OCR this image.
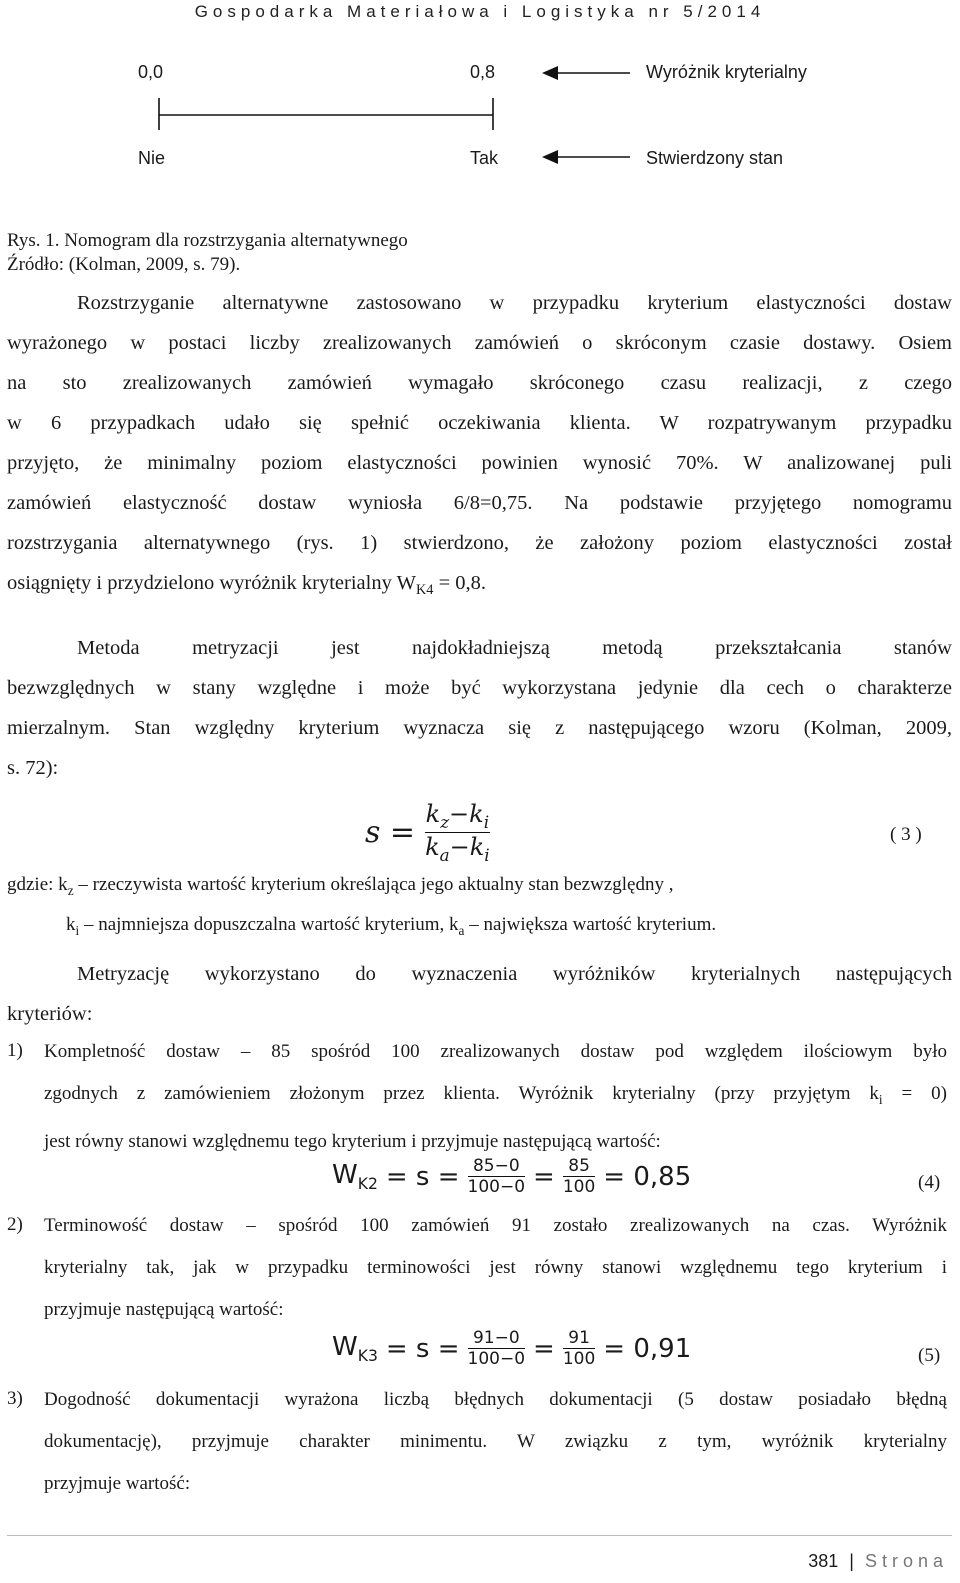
Gospodarka Materiałowa i Logistyka nr 5/2014
0,0	0,8	Wyróżnik kryterialny
Nie	Tak	Stwierdzony stan
Rys. 1. Nomogram dla rozstrzygania alternatywnego
Źródło: (Kolman, 2009, s. 79).
Rozstrzyganie alternatywne zastosowano w przypadku kryterium elastyczności dostaw
wyrażonego w postaci liczby zrealizowanych zamówień o skróconym czasie dostawy. Osiem
na sto zrealizowanych zamówień wymagało skróconego czasu realizacji, z czego
w 6 przypadkach udało się spełnić oczekiwania klienta. W rozpatrywanym przypadku
przyjęto, że minimalny poziom elastyczności powinien wynosić 70%. W analizowanej puli
zamówień elastyczność dostaw wyniosła 6/8=0,75. Na podstawie przyjętego nomogramu
rozstrzygania alternatywnego (rys. 1) stwierdzono, że założony poziom elastyczności został
osiągnięty i przydzielono wyróżnik kryterialny $W_{K4} = 0,8$.
Metoda metryzacji jest najdokładniejszą metodą przekształcania stanów
bezwzględnych w stany względne i może być wykorzystana jedynie dla cech o charakterze
mierzalnym. Stan względny kryterium wyznacza się z następującego wzoru (Kolman, 2009,
s. 72):
$s = \frac{k_z-k_i}{k_a-k_i}$	( 3 )
gdzie: $k_z$ – rzeczywista wartość kryterium określająca jego aktualny stan bezwzględny ,
$k_i$ – najmniejsza dopuszczalna wartość kryterium, $k_a$ – największa wartość kryterium.
Metryzację wykorzystano do wyznaczenia wyróżników kryterialnych następujących
kryteriów:
1) Kompletność dostaw – 85 spośród 100 zrealizowanych dostaw pod względem ilościowym było
zgodnych z zamówieniem złożonym przez klienta. Wyróżnik kryterialny (przy przyjętym $k_i = 0$)
jest równy stanowi względnemu tego kryterium i przyjmuje następującą wartość:
$W_{K2} = s = \frac{85-0}{100-0} = \frac{85}{100} = 0,85$	(4)
2) Terminowość dostaw – spośród 100 zamówień 91 zostało zrealizowanych na czas. Wyróżnik
kryterialny tak, jak w przypadku terminowości jest równy stanowi względnemu tego kryterium i
przyjmuje następującą wartość:
$W_{K3} = s = \frac{91-0}{100-0} = \frac{91}{100} = 0,91$	(5)
3) Dogodność dokumentacji wyrażona liczbą błędnych dokumentacji (5 dostaw posiadało błędną
dokumentację), przyjmuje charakter minimentu. W związku z tym, wyróżnik kryterialny
przyjmuje wartość:
381 | Strona
